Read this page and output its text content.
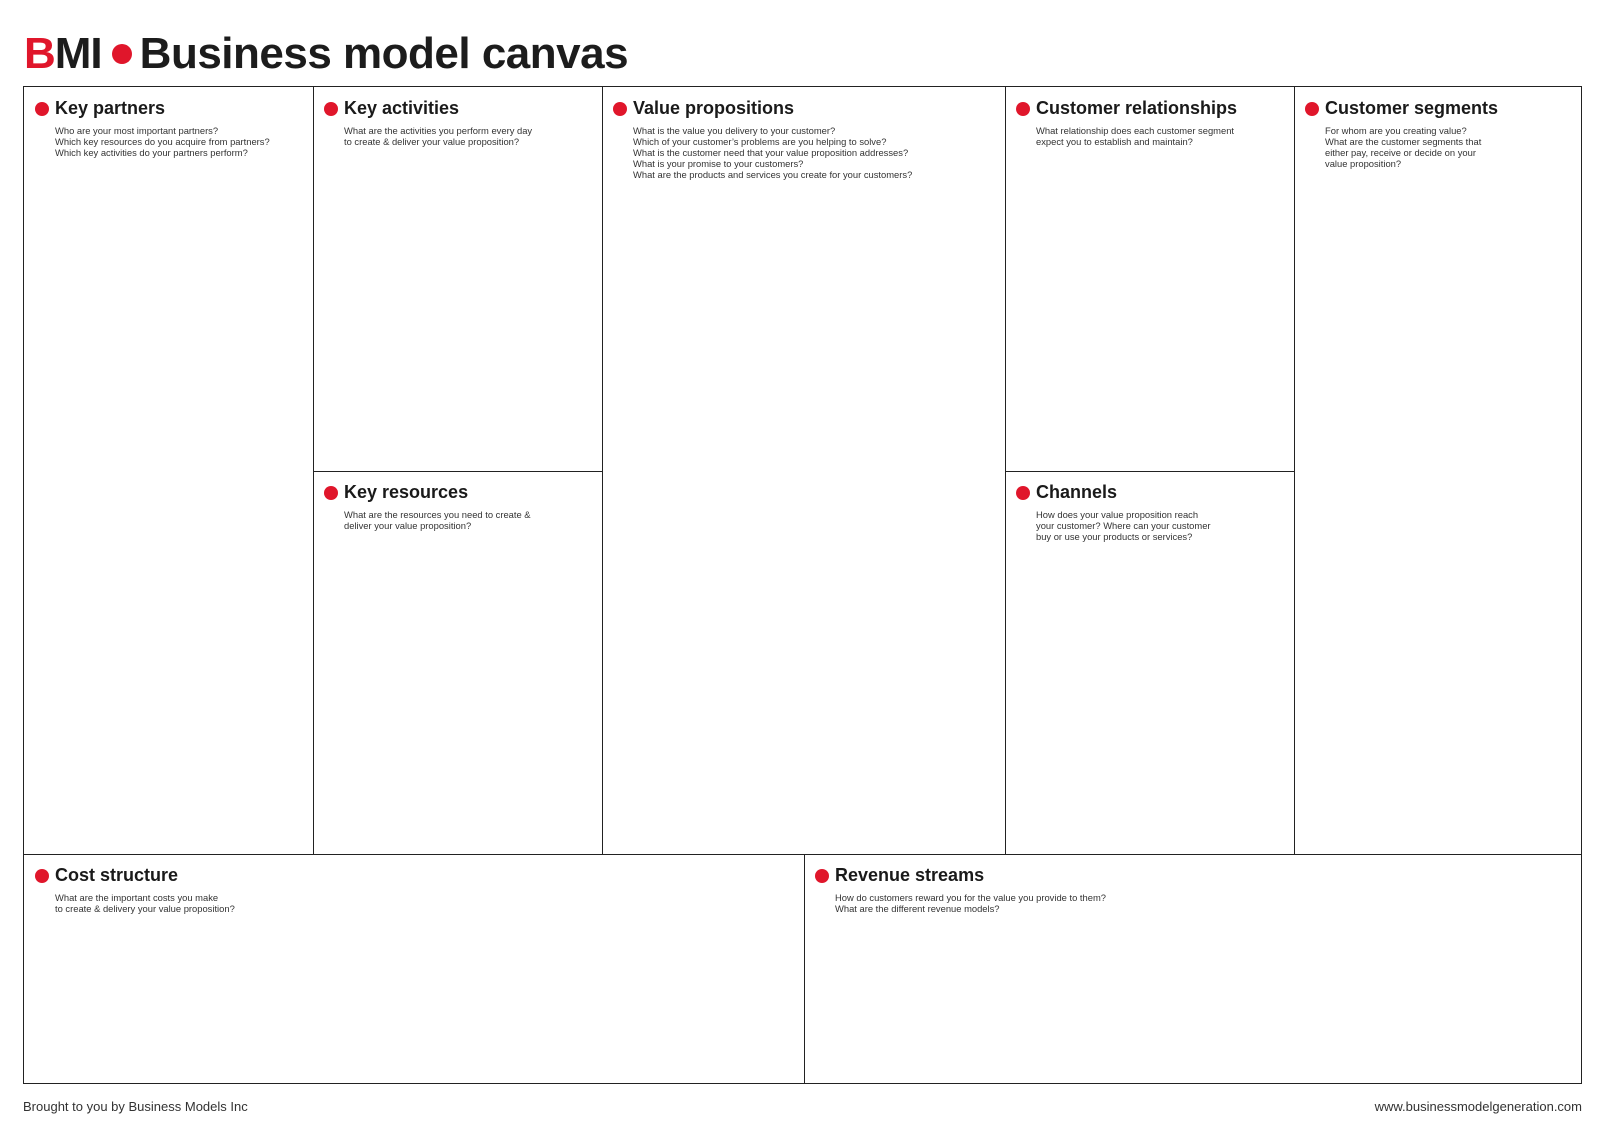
B MI Business model canvas
Key partners
Who are your most important partners?
Which key resources do you acquire from partners?
Which key activities do your partners perform?
Key activities
What are the activities you perform every day
to create & deliver your value proposition?
Key resources
What are the resources you need to create &
deliver your value proposition?
Value propositions
What is the value you delivery to your customer?
Which of your customer’s problems are you helping to solve?
What is the customer need that your value proposition addresses?
What is your promise to your customers?
What are the products and services you create for your customers?
Customer relationships
What relationship does each customer segment
expect you to establish and maintain?
Channels
How does your value proposition reach
your customer? Where can your customer
buy or use your products or services?
Customer segments
For whom are you creating value?
What are the customer segments that
either pay, receive or decide on your
value proposition?
Cost structure
What are the important costs you make
to create & delivery your value proposition?
Revenue streams
How do customers reward you for the value you provide to them?
What are the different revenue models?
Brought to you by Business Models Inc	www.businessmodelgeneration.com
